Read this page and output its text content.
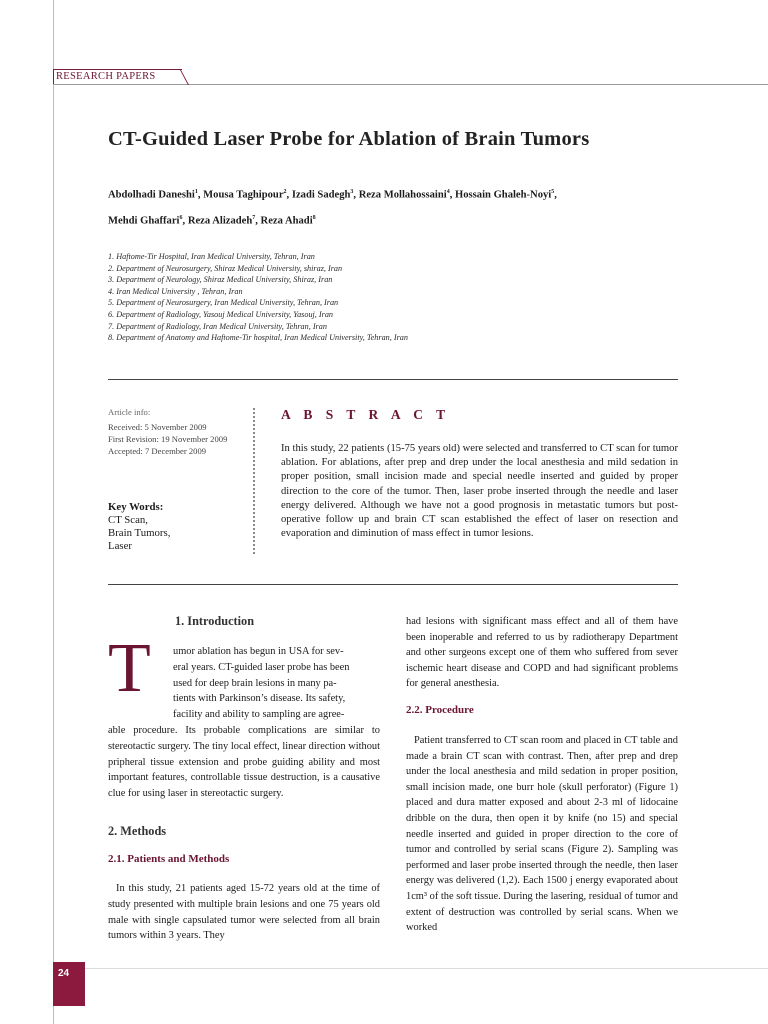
RESEARCH PAPERS
CT-Guided Laser Probe for Ablation of Brain Tumors
Abdolhadi Daneshi$^1$, Mousa Taghipour$^2$, Izadi Sadegh$^3$, Reza Mollahossaini$^4$, Hossain Ghaleh-Noyi$^5$,
Mehdi Ghaffari$^6$, Reza Alizadeh$^7$, Reza Ahadi$^8$
1. Haftome-Tir Hospital, Iran Medical University, Tehran, Iran
2. Department of Neurosurgery, Shiraz Medical University, shiraz, Iran
3. Department of Neurology, Shiraz Medical University, Shiraz, Iran
4. Iran Medical University , Tehran, Iran
5. Department of Neurosurgery, Iran Medical University, Tehran, Iran
6. Department of Radiology, Yasouj Medical University, Yasouj, Iran
7. Department of Radiology, Iran Medical University, Tehran, Iran
8. Department of Anatomy and Haftome-Tir hospital, Iran Medical University, Tehran, Iran
Article info:
Received: 5 November 2009
First Revision: 19 November 2009
Accepted: 7 December 2009
Key Words:
CT Scan,
Brain Tumors,
Laser
A B S T R A C T
In this study, 22 patients (15-75 years old) were selected and transferred to CT scan for tumor ablation. For ablations, after prep and drep under the local anesthesia and mild sedation in proper position, small incision made and special needle inserted and guided by proper direction to the core of the tumor. Then, laser probe inserted through the needle and laser energy delivered. Although we have not a good prognosis in metastatic tumors but post-operative follow up and brain CT scan established the effect of laser on resection and evaporation and diminution of mass effect in tumor lesions.
1. Introduction
T umor ablation has begun in USA for sev-
eral years. CT-guided laser probe has been
used for deep brain lesions in many pa-
tients with Parkinson’s disease. Its safety,
facility and ability to sampling are agree-
able procedure. Its probable complications are similar to stereotactic surgery. The tiny local effect, linear direction without pripheral tissue extension and probe guiding ability and most important features, controllable tissue destruction, is a causative clue for using laser in stereotactic surgery.
2. Methods
2.1. Patients and Methods
In this study, 21 patients aged 15-72 years old at the time of study presented with multiple brain lesions and one 75 years old male with single capsulated tumor were selected from all brain tumors within 3 years. They
had lesions with significant mass effect and all of them have been inoperable and referred to us by radiotherapy Department and other surgeons except one of them who suffered from sever ischemic heart disease and COPD and had significant problems for general anesthesia.
2.2. Procedure
Patient transferred to CT scan room and placed in CT table and made a brain CT scan with contrast. Then, after prep and drep under the local anesthesia and mild sedation in proper position, small incision made, one burr hole (skull perforator) (Figure 1) placed and dura matter exposed and about 2-3 ml of lidocaine dribble on the dura, then open it by knife (no 15) and special needle inserted and guided in proper direction to the core of tumor and controlled by serial scans (Figure 2). Sampling was performed and laser probe inserted through the needle, then laser energy was delivered (1,2). Each 1500 j energy evaporated about 1cm³ of the soft tissue. During the lasering, residual of tumor and extent of destruction was controlled by serial scans. When we worked
24
